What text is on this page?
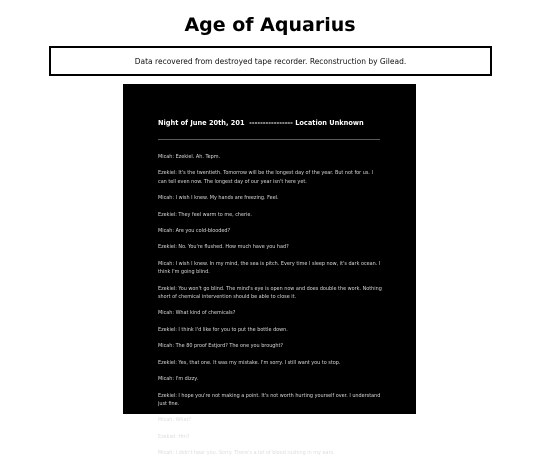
Age of Aquarius
Data recovered from destroyed tape recorder. Reconstruction by Gilead.
Night of June 20th, 201  ---------------- Location Unknown

Micah: Ezekiel. Ah. Tepm.

Ezekiel: It's the twentieth. Tomorrow will be the longest day of the year. But not for us. I can tell even now. The longest day of our year isn't here yet.

Micah: I wish I knew. My hands are freezing. Feel.

Ezekiel: They feel warm to me, cherie.

Micah: Are you cold-blooded?

Ezekiel: No. You're flushed. How much have you had?

Micah: I wish I knew. In my mind, the sea is pitch. Every time I sleep now, it's dark ocean. I think I'm going blind.

Ezekiel: You won't go blind. The mind's eye is open now and does double the work. Nothing short of chemical intervention should be able to close it.

Micah: What kind of chemicals?

Ezekiel: I think I'd like for you to put the bottle down.

Micah: The 80 proof Estjord? The one you brought?

Ezekiel: Yes, that one. It was my mistake. I'm sorry. I still want you to stop.

Micah: I'm dizzy.

Ezekiel: I hope you're not making a point. It's not worth hurting yourself over. I understand just fine.

Micah: What?

Ezekiel: Hm?

Micah: I didn't hear you. Sorry. There's a lot of blood rushing in my ears.
